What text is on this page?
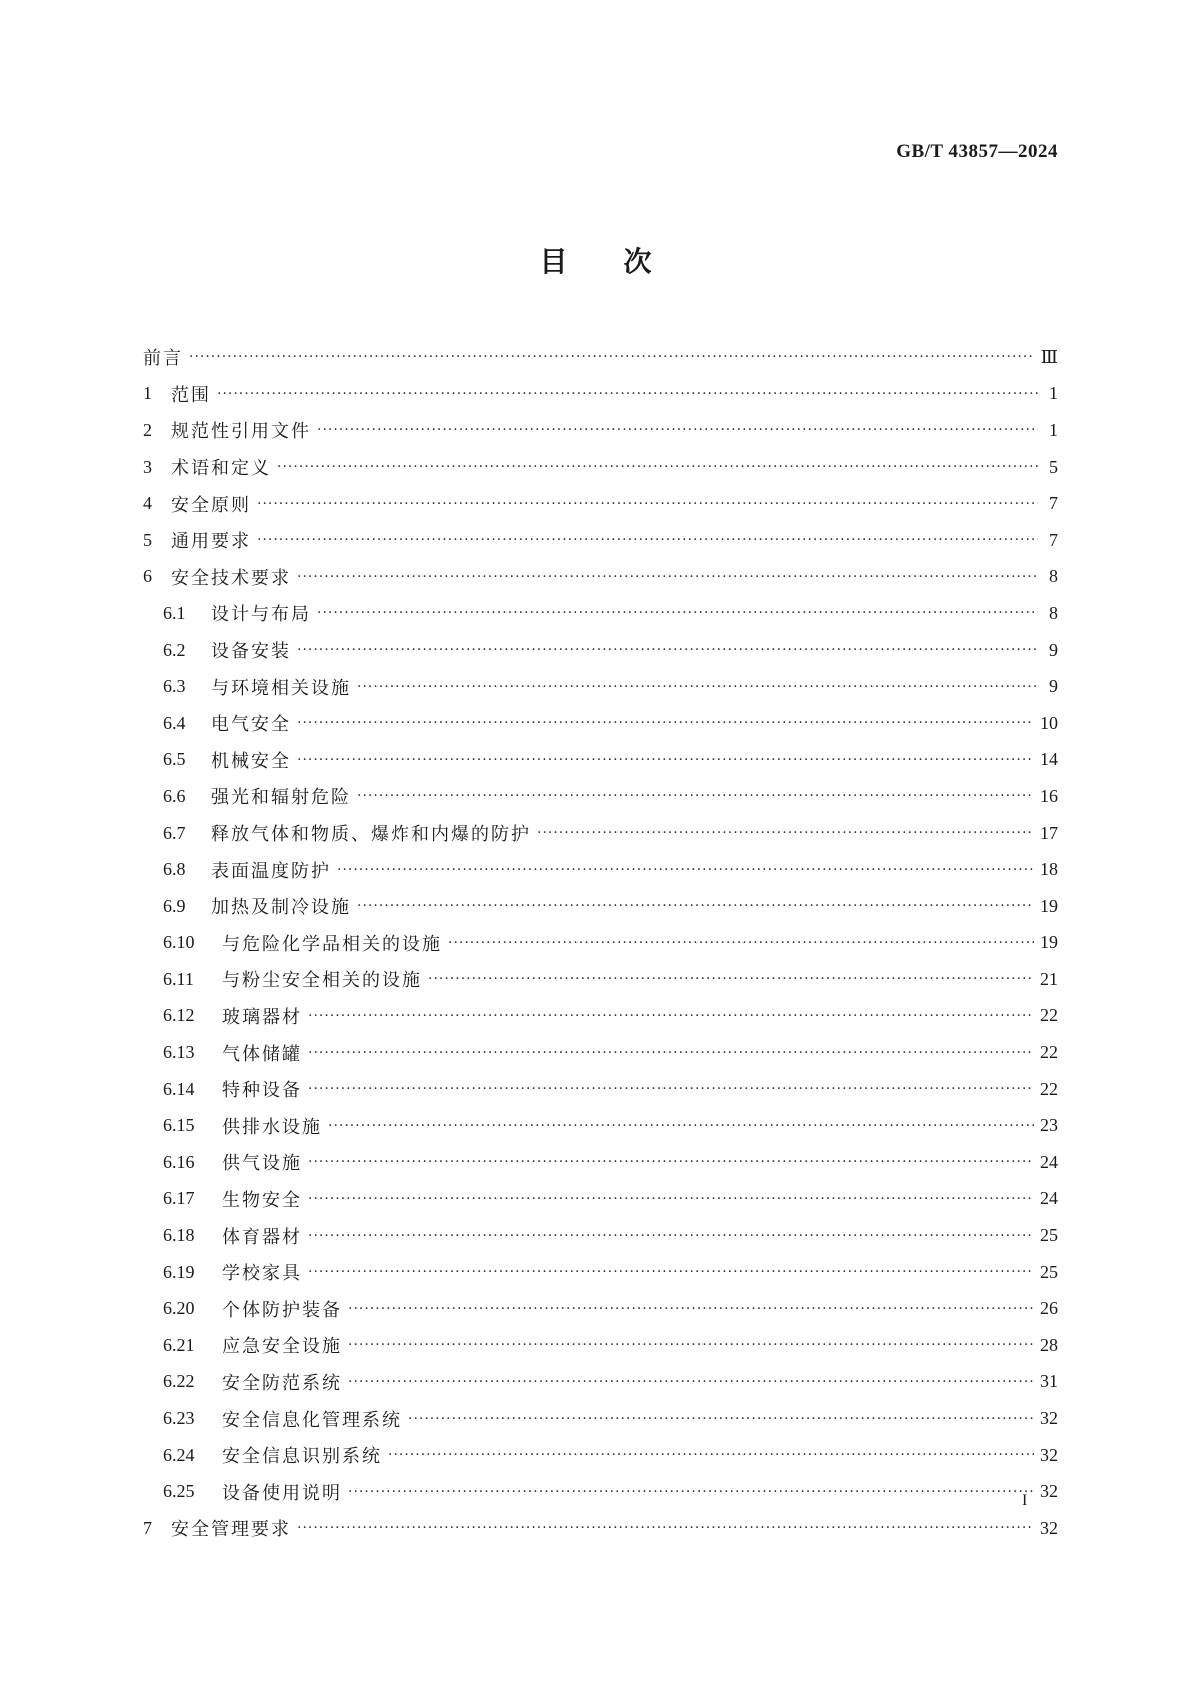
GB/T 43857—2024
目 次
前言 ·····	Ⅲ
1	范围 ·····	1
2	规范性引用文件 ·····	1
3	术语和定义 ·····	5
4	安全原则 ·····	7
5	通用要求 ·····	7
6	安全技术要求 ·····	8
6.1	设计与布局 ·····	8
6.2	设备安装 ·····	9
6.3	与环境相关设施 ·····	9
6.4	电气安全 ·····	10
6.5	机械安全 ·····	14
6.6	强光和辐射危险 ·····	16
6.7	释放气体和物质、爆炸和内爆的防护 ·····	17
6.8	表面温度防护 ·····	18
6.9	加热及制冷设施 ·····	19
6.10	与危险化学品相关的设施 ·····	19
6.11	与粉尘安全相关的设施 ·····	21
6.12	玻璃器材 ·····	22
6.13	气体储罐 ·····	22
6.14	特种设备 ·····	22
6.15	供排水设施 ·····	23
6.16	供气设施 ·····	24
6.17	生物安全 ·····	24
6.18	体育器材 ·····	25
6.19	学校家具 ·····	25
6.20	个体防护装备 ·····	26
6.21	应急安全设施 ·····	28
6.22	安全防范系统 ·····	31
6.23	安全信息化管理系统 ·····	32
6.24	安全信息识别系统 ·····	32
6.25	设备使用说明 ·····	32
7	安全管理要求 ·····	32
I
